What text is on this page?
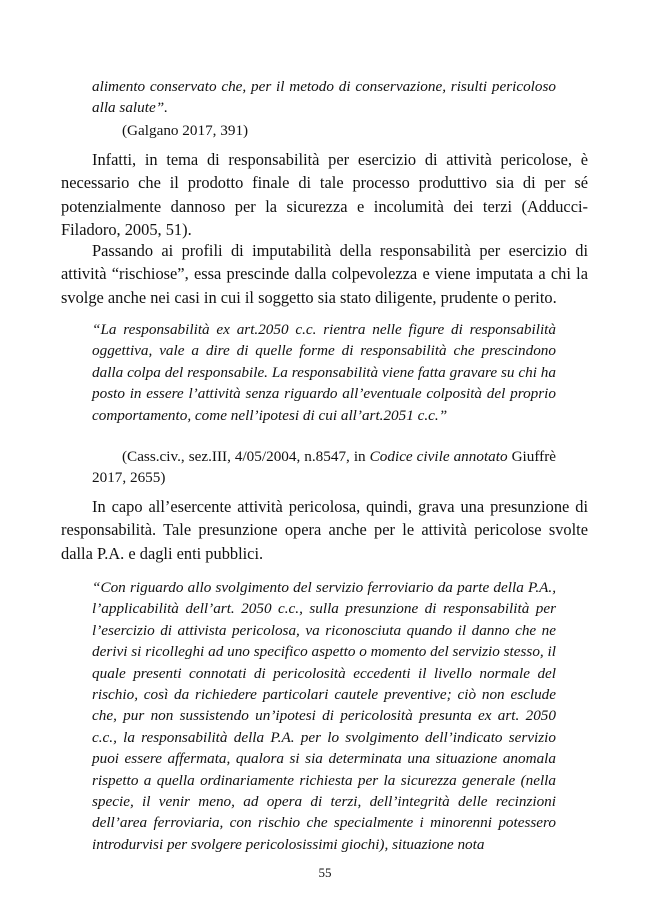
alimento conservato che, per il metodo di conservazione, risulti pericoloso alla salute”.

(Galgano 2017, 391)

Infatti, in tema di responsabilità per esercizio di attività pericolose, è necessario che il prodotto finale di tale processo produttivo sia di per sé potenzialmente dannoso per la sicurezza e incolumità dei terzi (Adducci-Filadoro, 2005, 51).

Passando ai profili di imputabilità della responsabilità per esercizio di attività “rischiose”, essa prescinde dalla colpevolezza e viene imputata a chi la svolge anche nei casi in cui il soggetto sia stato diligente, prudente o perito.

“La responsabilità ex art.2050 c.c. rientra nelle figure di responsabilità oggettiva, vale a dire di quelle forme di responsabilità che prescindono dalla colpa del responsabile. La responsabilità viene fatta gravare su chi ha posto in essere l’attività senza riguardo all’eventuale colposità del proprio comportamento, come nell’ipotesi di cui all’art.2051 c.c.”

(Cass.civ., sez.III, 4/05/2004, n.8547, in Codice civile annotato Giuffrè 2017, 2655)

In capo all’esercente attività pericolosa, quindi, grava una presunzione di responsabilità. Tale presunzione opera anche per le attività pericolose svolte dalla P.A. e dagli enti pubblici.

“Con riguardo allo svolgimento del servizio ferroviario da parte della P.A., l’applicabilità dell’art. 2050 c.c., sulla presunzione di responsabilità per l’esercizio di attivista pericolosa, va riconosciuta quando il danno che ne derivi si ricolleghi ad uno specifico aspetto o momento del servizio stesso, il quale presenti connotati di pericolosità eccedenti il livello normale del rischio, così da richiedere particolari cautele preventive; ciò non esclude che, pur non sussistendo un’ipotesi di pericolosità presunta ex art. 2050 c.c., la responsabilità della P.A. per lo svolgimento dell’indicato servizio puoi essere affermata, qualora si sia determinata una situazione anomala rispetto a quella ordinariamente richiesta per la sicurezza generale (nella specie, il venir meno, ad opera di terzi, dell’integrità delle recinzioni dell’area ferroviaria, con rischio che specialmente i minorenni potessero introdurvisi per svolgere pericolosissimi giochi), situazione nota

55
